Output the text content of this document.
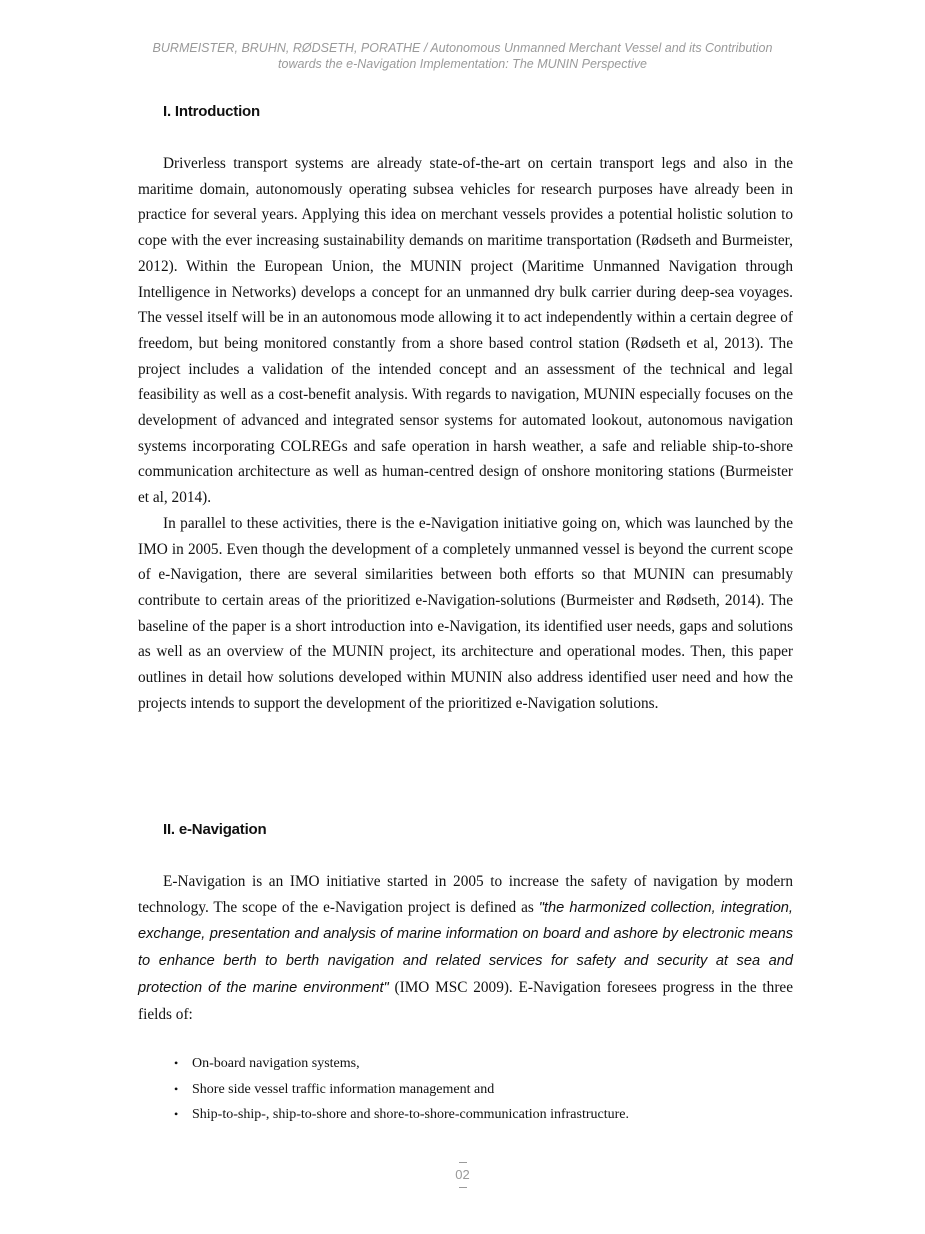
BURMEISTER, BRUHN, RØDSETH, PORATHE / Autonomous Unmanned Merchant Vessel and its Contribution
towards the e-Navigation Implementation: The MUNIN Perspective
I. Introduction

Driverless transport systems are already state-of-the-art on certain transport legs and also in the maritime domain, autonomously operating subsea vehicles for research purposes have already been in practice for several years. Applying this idea on merchant vessels provides a potential holistic solution to cope with the ever increasing sustainability demands on maritime transportation (Rødseth and Burmeister, 2012). Within the European Union, the MUNIN project (Maritime Unmanned Navigation through Intelligence in Networks) develops a concept for an unmanned dry bulk carrier during deep-sea voyages. The vessel itself will be in an autonomous mode allowing it to act independently within a certain degree of freedom, but being monitored constantly from a shore based control station (Rødseth et al, 2013). The project includes a validation of the intended concept and an assessment of the technical and legal feasibility as well as a cost-benefit analysis. With regards to navigation, MUNIN especially focuses on the development of advanced and integrated sensor systems for automated lookout, autonomous navigation systems incorporating COLREGs and safe operation in harsh weather, a safe and reliable ship-to-shore communication architecture as well as human-centred design of onshore monitoring stations (Burmeister et al, 2014).

In parallel to these activities, there is the e-Navigation initiative going on, which was launched by the IMO in 2005. Even though the development of a completely unmanned vessel is beyond the current scope of e-Navigation, there are several similarities between both efforts so that MUNIN can presumably contribute to certain areas of the prioritized e-Navigation-solutions (Burmeister and Rødseth, 2014). The baseline of the paper is a short introduction into e-Navigation, its identified user needs, gaps and solutions as well as an overview of the MUNIN project, its architecture and operational modes. Then, this paper outlines in detail how solutions developed within MUNIN also address identified user need and how the projects intends to support the development of the prioritized e-Navigation solutions.

II. e-Navigation

E-Navigation is an IMO initiative started in 2005 to increase the safety of navigation by modern technology. The scope of the e-Navigation project is defined as "the harmonized collection, integration, exchange, presentation and analysis of marine information on board and ashore by electronic means to enhance berth to berth navigation and related services for safety and security at sea and protection of the marine environment" (IMO MSC 2009). E-Navigation foresees progress in the three fields of:

• On-board navigation systems,
• Shore side vessel traffic information management and
• Ship-to-ship-, ship-to-shore and shore-to-shore-communication infrastructure.
02
